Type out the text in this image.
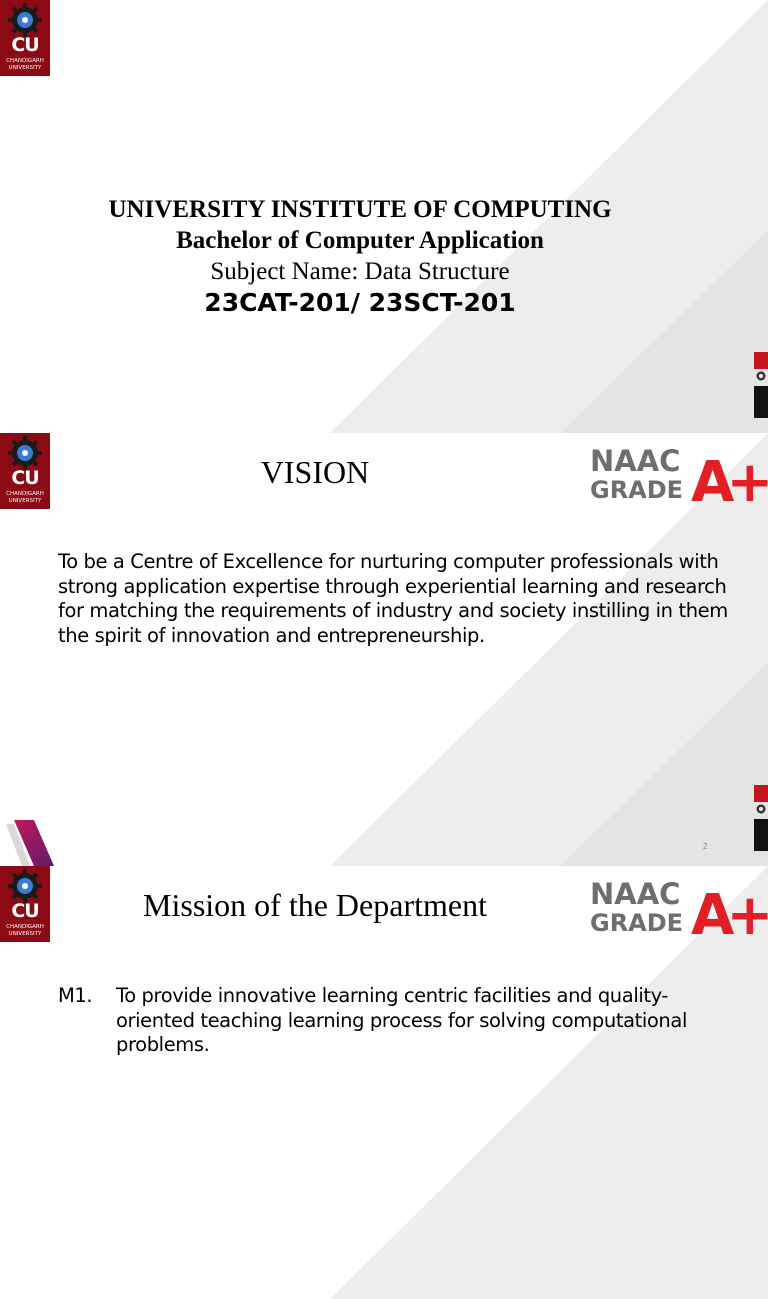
CU
CHANDIGARH
UNIVERSITY
UNIVERSITY INSTITUTE OF COMPUTING
Bachelor of Computer Application
Subject Name: Data Structure
23CAT-201/ 23SCT-201
CU
CHANDIGARH
UNIVERSITY
VISION	NAAC
GRADE A+
To be a Centre of Excellence for nurturing computer professionals with strong application expertise through experiential learning and research for matching the requirements of industry and society instilling in them the spirit of innovation and entrepreneurship.
2
CU
CHANDIGARH
UNIVERSITY
Mission of the Department	NAAC
GRADE A+
M1.	To provide innovative learning centric facilities and quality-oriented teaching learning process for solving computational problems.
